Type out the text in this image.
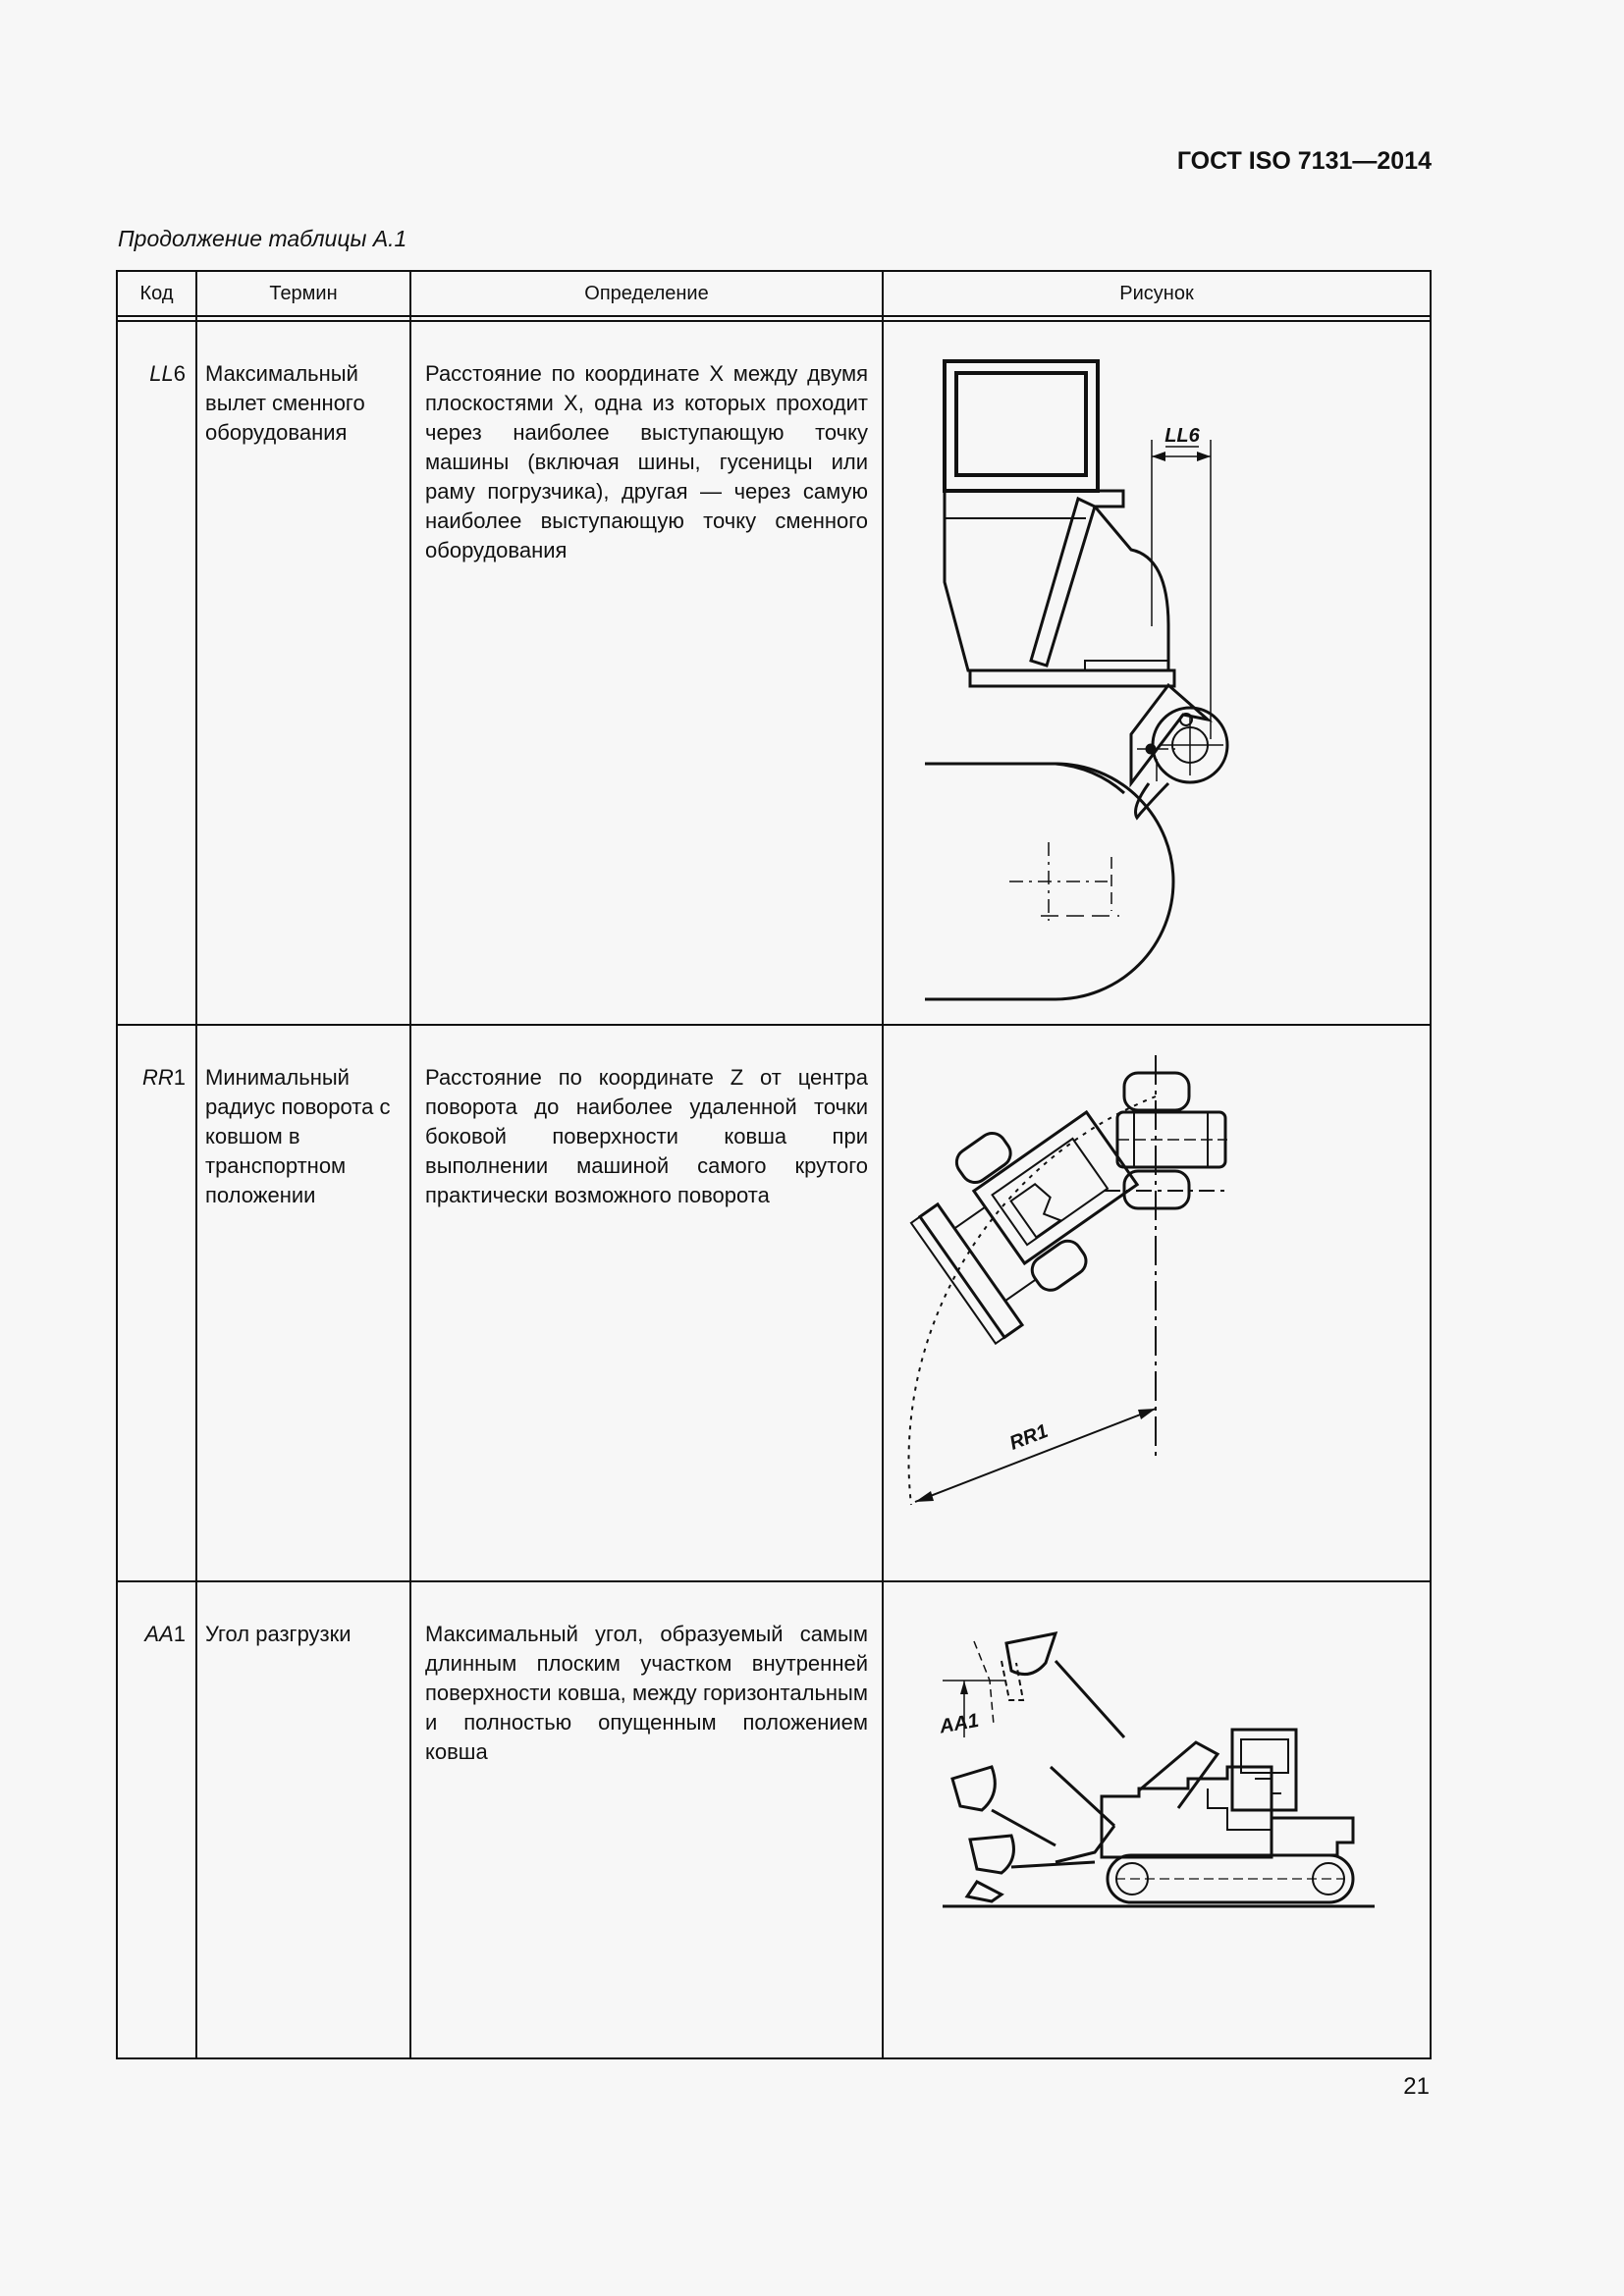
ГОСТ ISO 7131—2014
Продолжение таблицы А.1
Код	Термин	Определение	Рисунок

LL6	Максимальный вылет сменного оборудования	Расстояние по координате X между двумя плоскостями X, одна из которых проходит через наиболее выступающую точку машины (включая шины, гусеницы или раму погрузчика), другая — через самую наиболее выступающую точку сменного оборудования	LL6

RR1	Минимальный радиус поворота с ковшом в транспортном положении	Расстояние по координате Z от центра поворота до наиболее удаленной точки боковой поверхности ковша при выполнении машиной самого крутого практически возможного поворота	RR1

AA1	Угол разгрузки	Максимальный угол, образуемый самым длинным плоским участком внутренней поверхности ковша, между горизонтальным и полностью опущенным положением ковша	AA1
21
